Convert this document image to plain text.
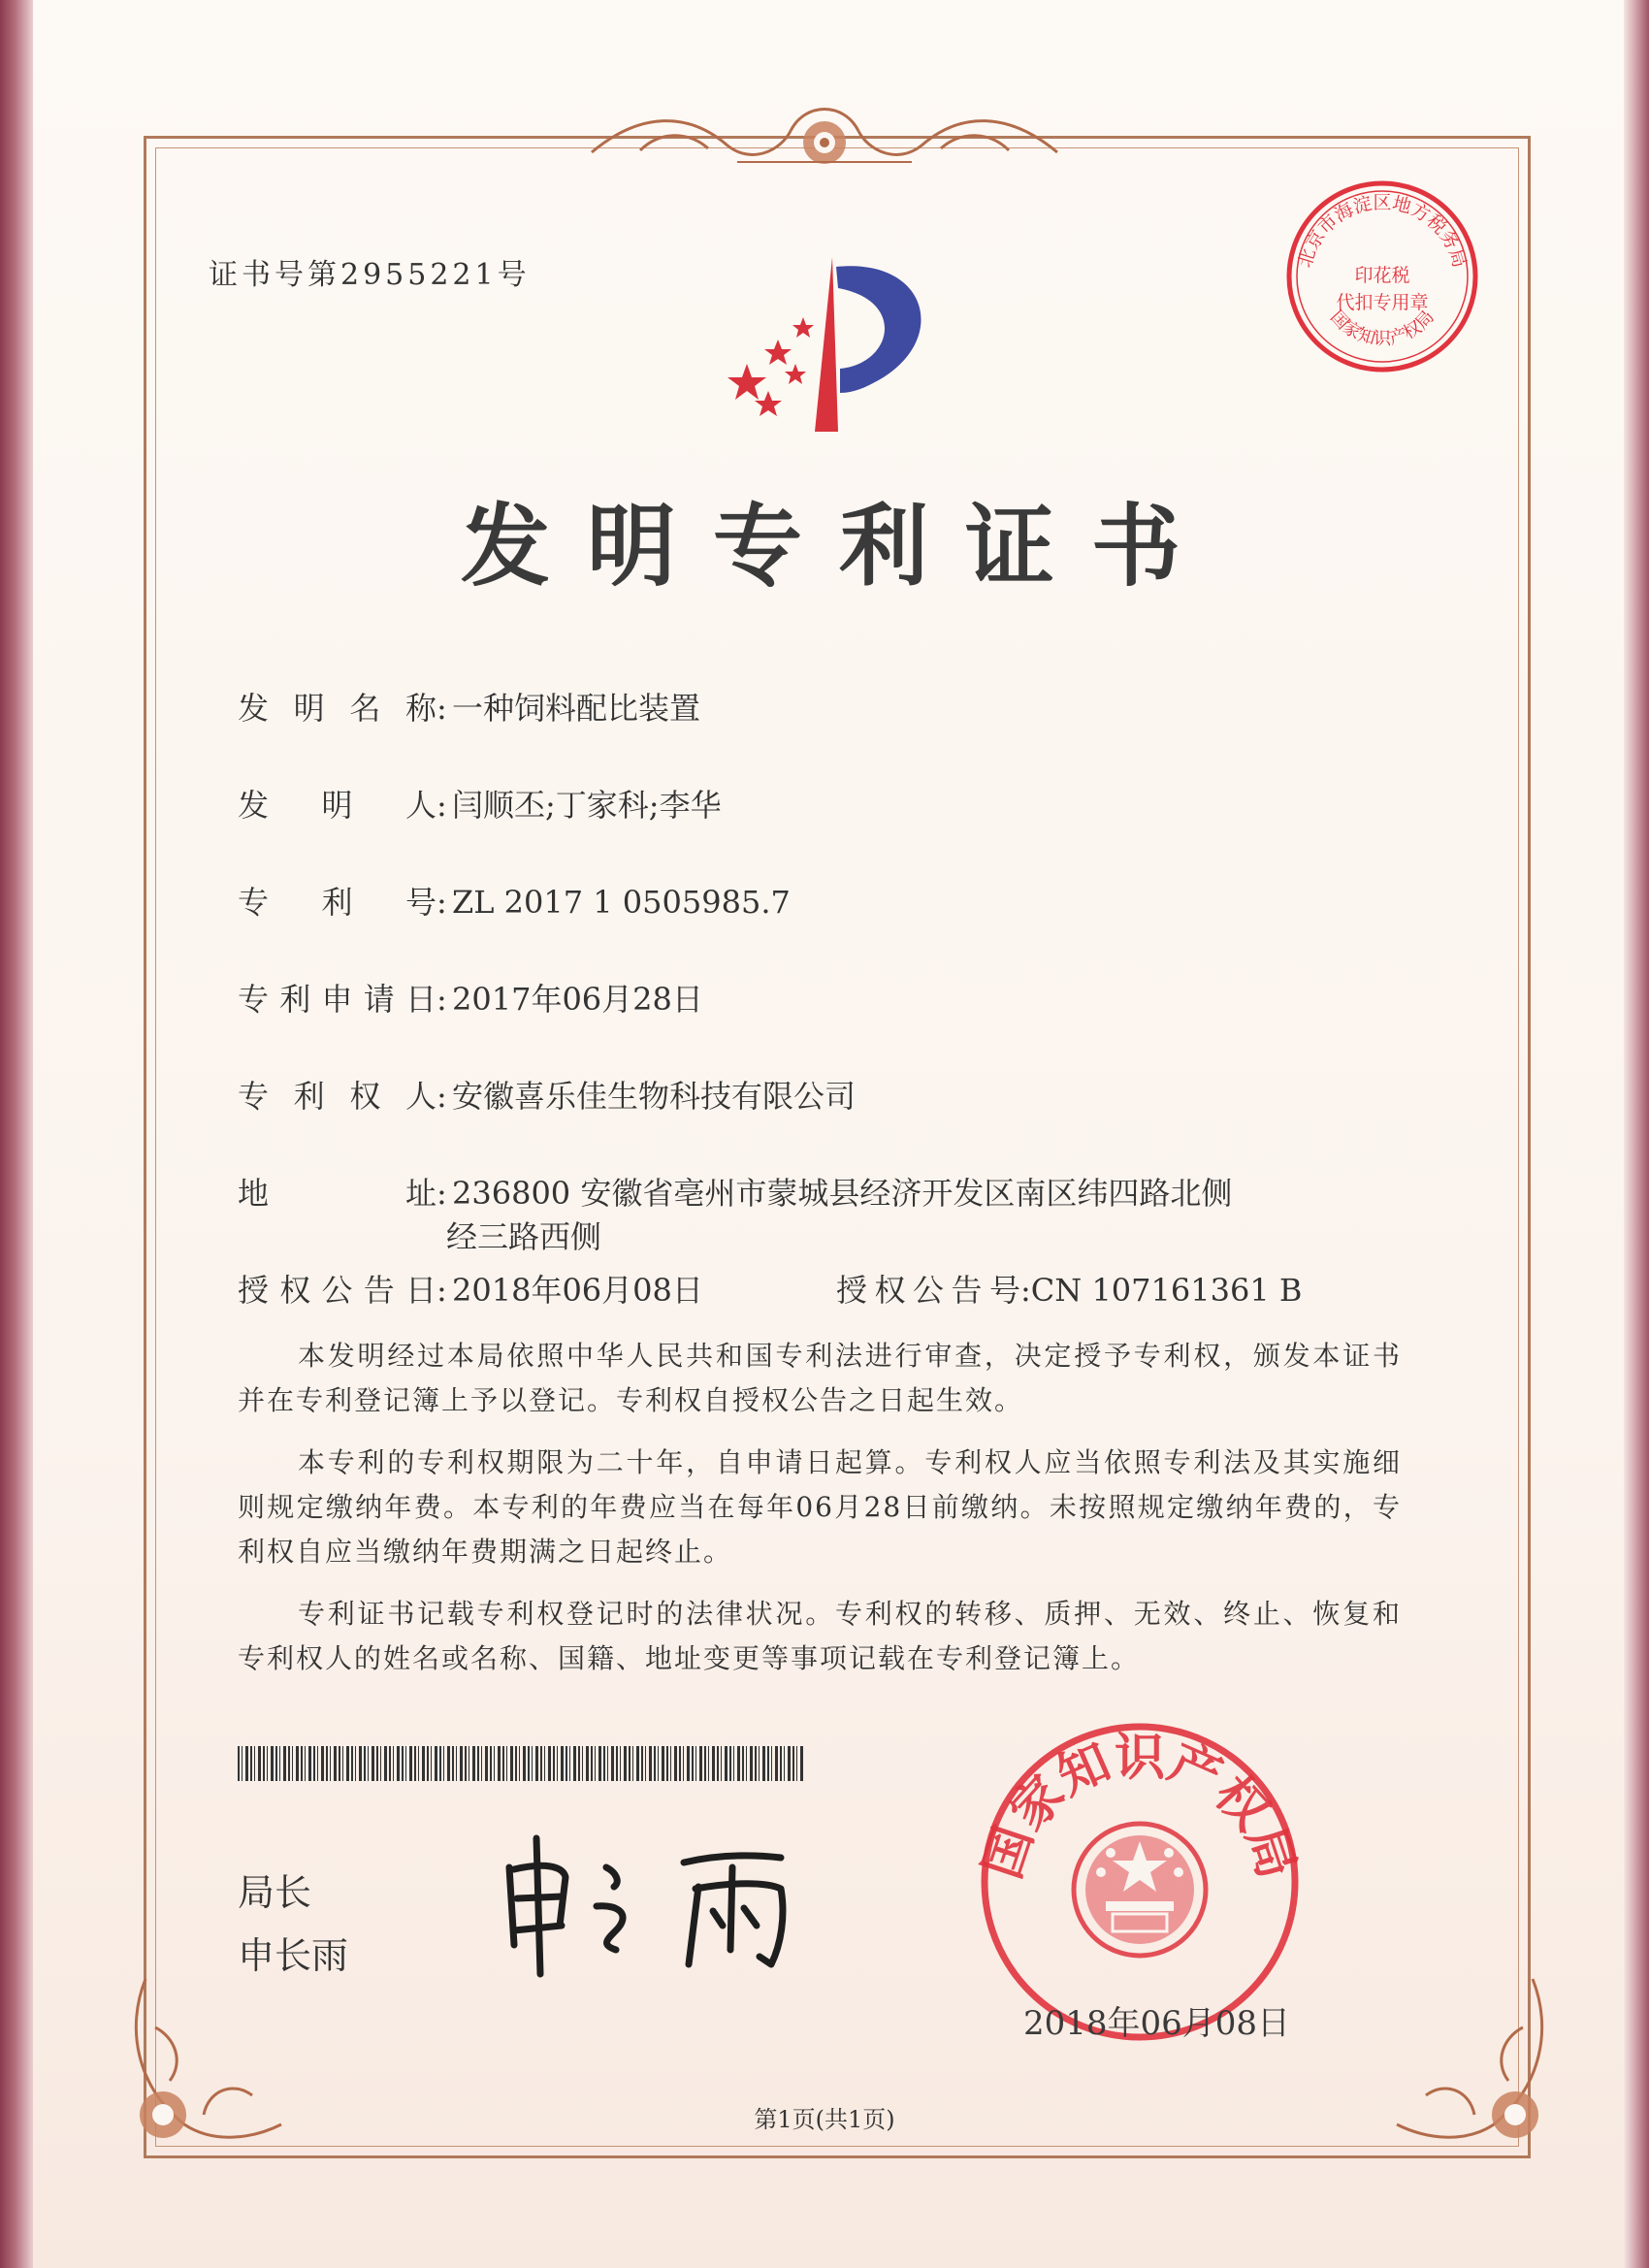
证书号第2955221号	北京市海淀区地方税务局
印花税
代扣专用章
国家知识产权局
发明专利证书
发明名称: 一种饲料配比装置
发明人: 闫顺丕;丁家科;李华
专利号: ZL 2017 1 0505985.7
专利申请日: 2017年06月28日
专利权人: 安徽喜乐佳生物科技有限公司
地址: 236800 安徽省亳州市蒙城县经济开发区南区纬四路北侧
经三路西侧
授权公告日: 2018年06月08日	授权公告号:CN 107161361 B

本发明经过本局依照中华人民共和国专利法进行审查，决定授予专利权，颁发本证书并在专利登记簿上予以登记。专利权自授权公告之日起生效。

本专利的专利权期限为二十年，自申请日起算。专利权人应当依照专利法及其实施细则规定缴纳年费。本专利的年费应当在每年06月28日前缴纳。未按照规定缴纳年费的，专利权自应当缴纳年费期满之日起终止。

专利证书记载专利权登记时的法律状况。专利权的转移、质押、无效、终止、恢复和专利权人的姓名或名称、国籍、地址变更等事项记载在专利登记簿上。

局长
申长雨
国家知识产权局
2018年06月08日
第1页(共1页)
